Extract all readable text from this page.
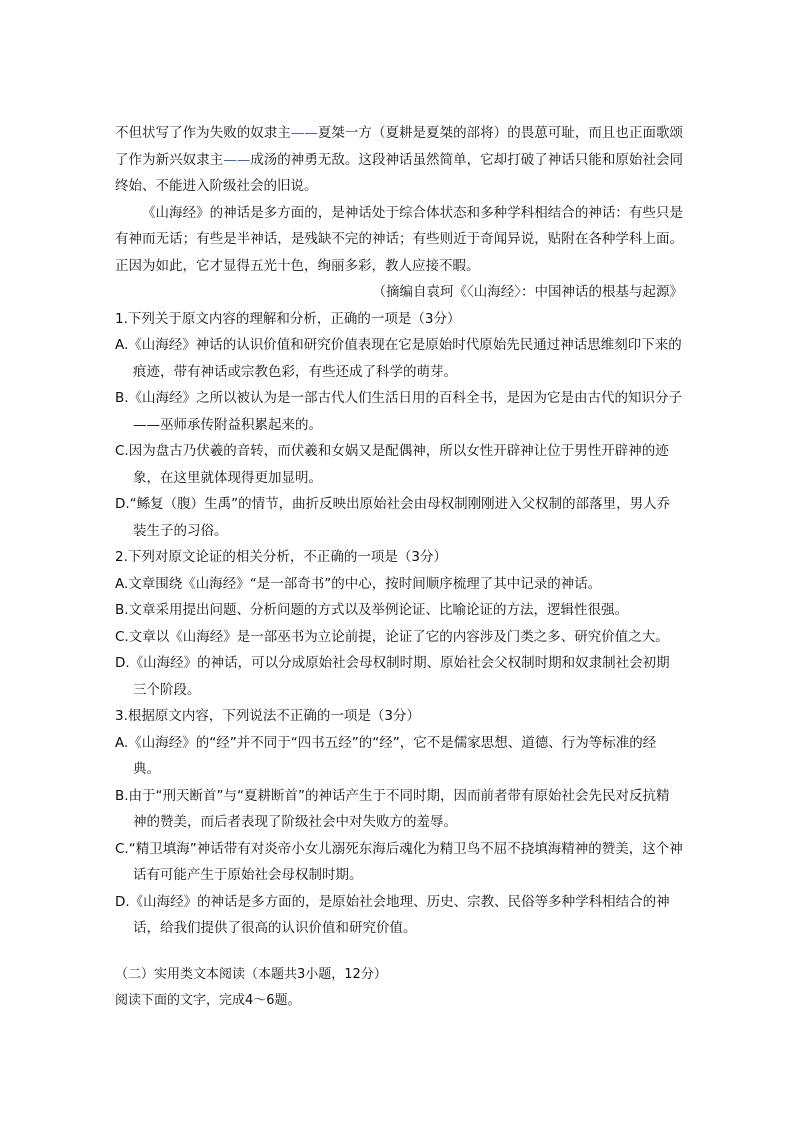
不但状写了作为失败的奴隶主——夏桀一方（夏耕是夏桀的部将）的畏葸可耻，而且也正面歌颂了作为新兴奴隶主——成汤的神勇无敌。这段神话虽然简单，它却打破了神话只能和原始社会同终始、不能进入阶级社会的旧说。

《山海经》的神话是多方面的，是神话处于综合体状态和多种学科相结合的神话：有些只是有神而无话；有些是半神话，是残缺不完的神话；有些则近于奇闻异说，贴附在各种学科上面。正因为如此，它才显得五光十色，绚丽多彩，教人应接不暇。

（摘编自袁珂《〈山海经〉：中国神话的根基与起源》

1.下列关于原文内容的理解和分析，正确的一项是（3分）

A.《山海经》神话的认识价值和研究价值表现在它是原始时代原始先民通过神话思维刻印下来的痕迹，带有神话或宗教色彩，有些还成了科学的萌芽。

B.《山海经》之所以被认为是一部古代人们生活日用的百科全书，是因为它是由古代的知识分子——巫师承传附益积累起来的。

C.因为盘古乃伏羲的音转，而伏羲和女娲又是配偶神，所以女性开辟神让位于男性开辟神的迹象，在这里就体现得更加显明。

D.“鲧复（腹）生禹”的情节，曲折反映出原始社会由母权制刚刚进入父权制的部落里，男人乔装生子的习俗。

2.下列对原文论证的相关分析，不正确的一项是（3分）

A.文章围绕《山海经》“是一部奇书”的中心，按时间顺序梳理了其中记录的神话。

B.文章采用提出问题、分析问题的方式以及举例论证、比喻论证的方法，逻辑性很强。

C.文章以《山海经》是一部巫书为立论前提，论证了它的内容涉及门类之多、研究价值之大。

D.《山海经》的神话，可以分成原始社会母权制时期、原始社会父权制时期和奴隶制社会初期三个阶段。

3.根据原文内容，下列说法不正确的一项是（3分）

A.《山海经》的“经”并不同于“四书五经”的“经”，它不是儒家思想、道德、行为等标准的经典。

B.由于“刑天断首”与“夏耕断首”的神话产生于不同时期，因而前者带有原始社会先民对反抗精神的赞美，而后者表现了阶级社会中对失败方的羞辱。

C.“精卫填海”神话带有对炎帝小女儿溺死东海后魂化为精卫鸟不屈不挠填海精神的赞美，这个神话有可能产生于原始社会母权制时期。

D.《山海经》的神话是多方面的，是原始社会地理、历史、宗教、民俗等多种学科相结合的神话，给我们提供了很高的认识价值和研究价值。

（二）实用类文本阅读（本题共3小题，12分）

阅读下面的文字，完成4～6题。
